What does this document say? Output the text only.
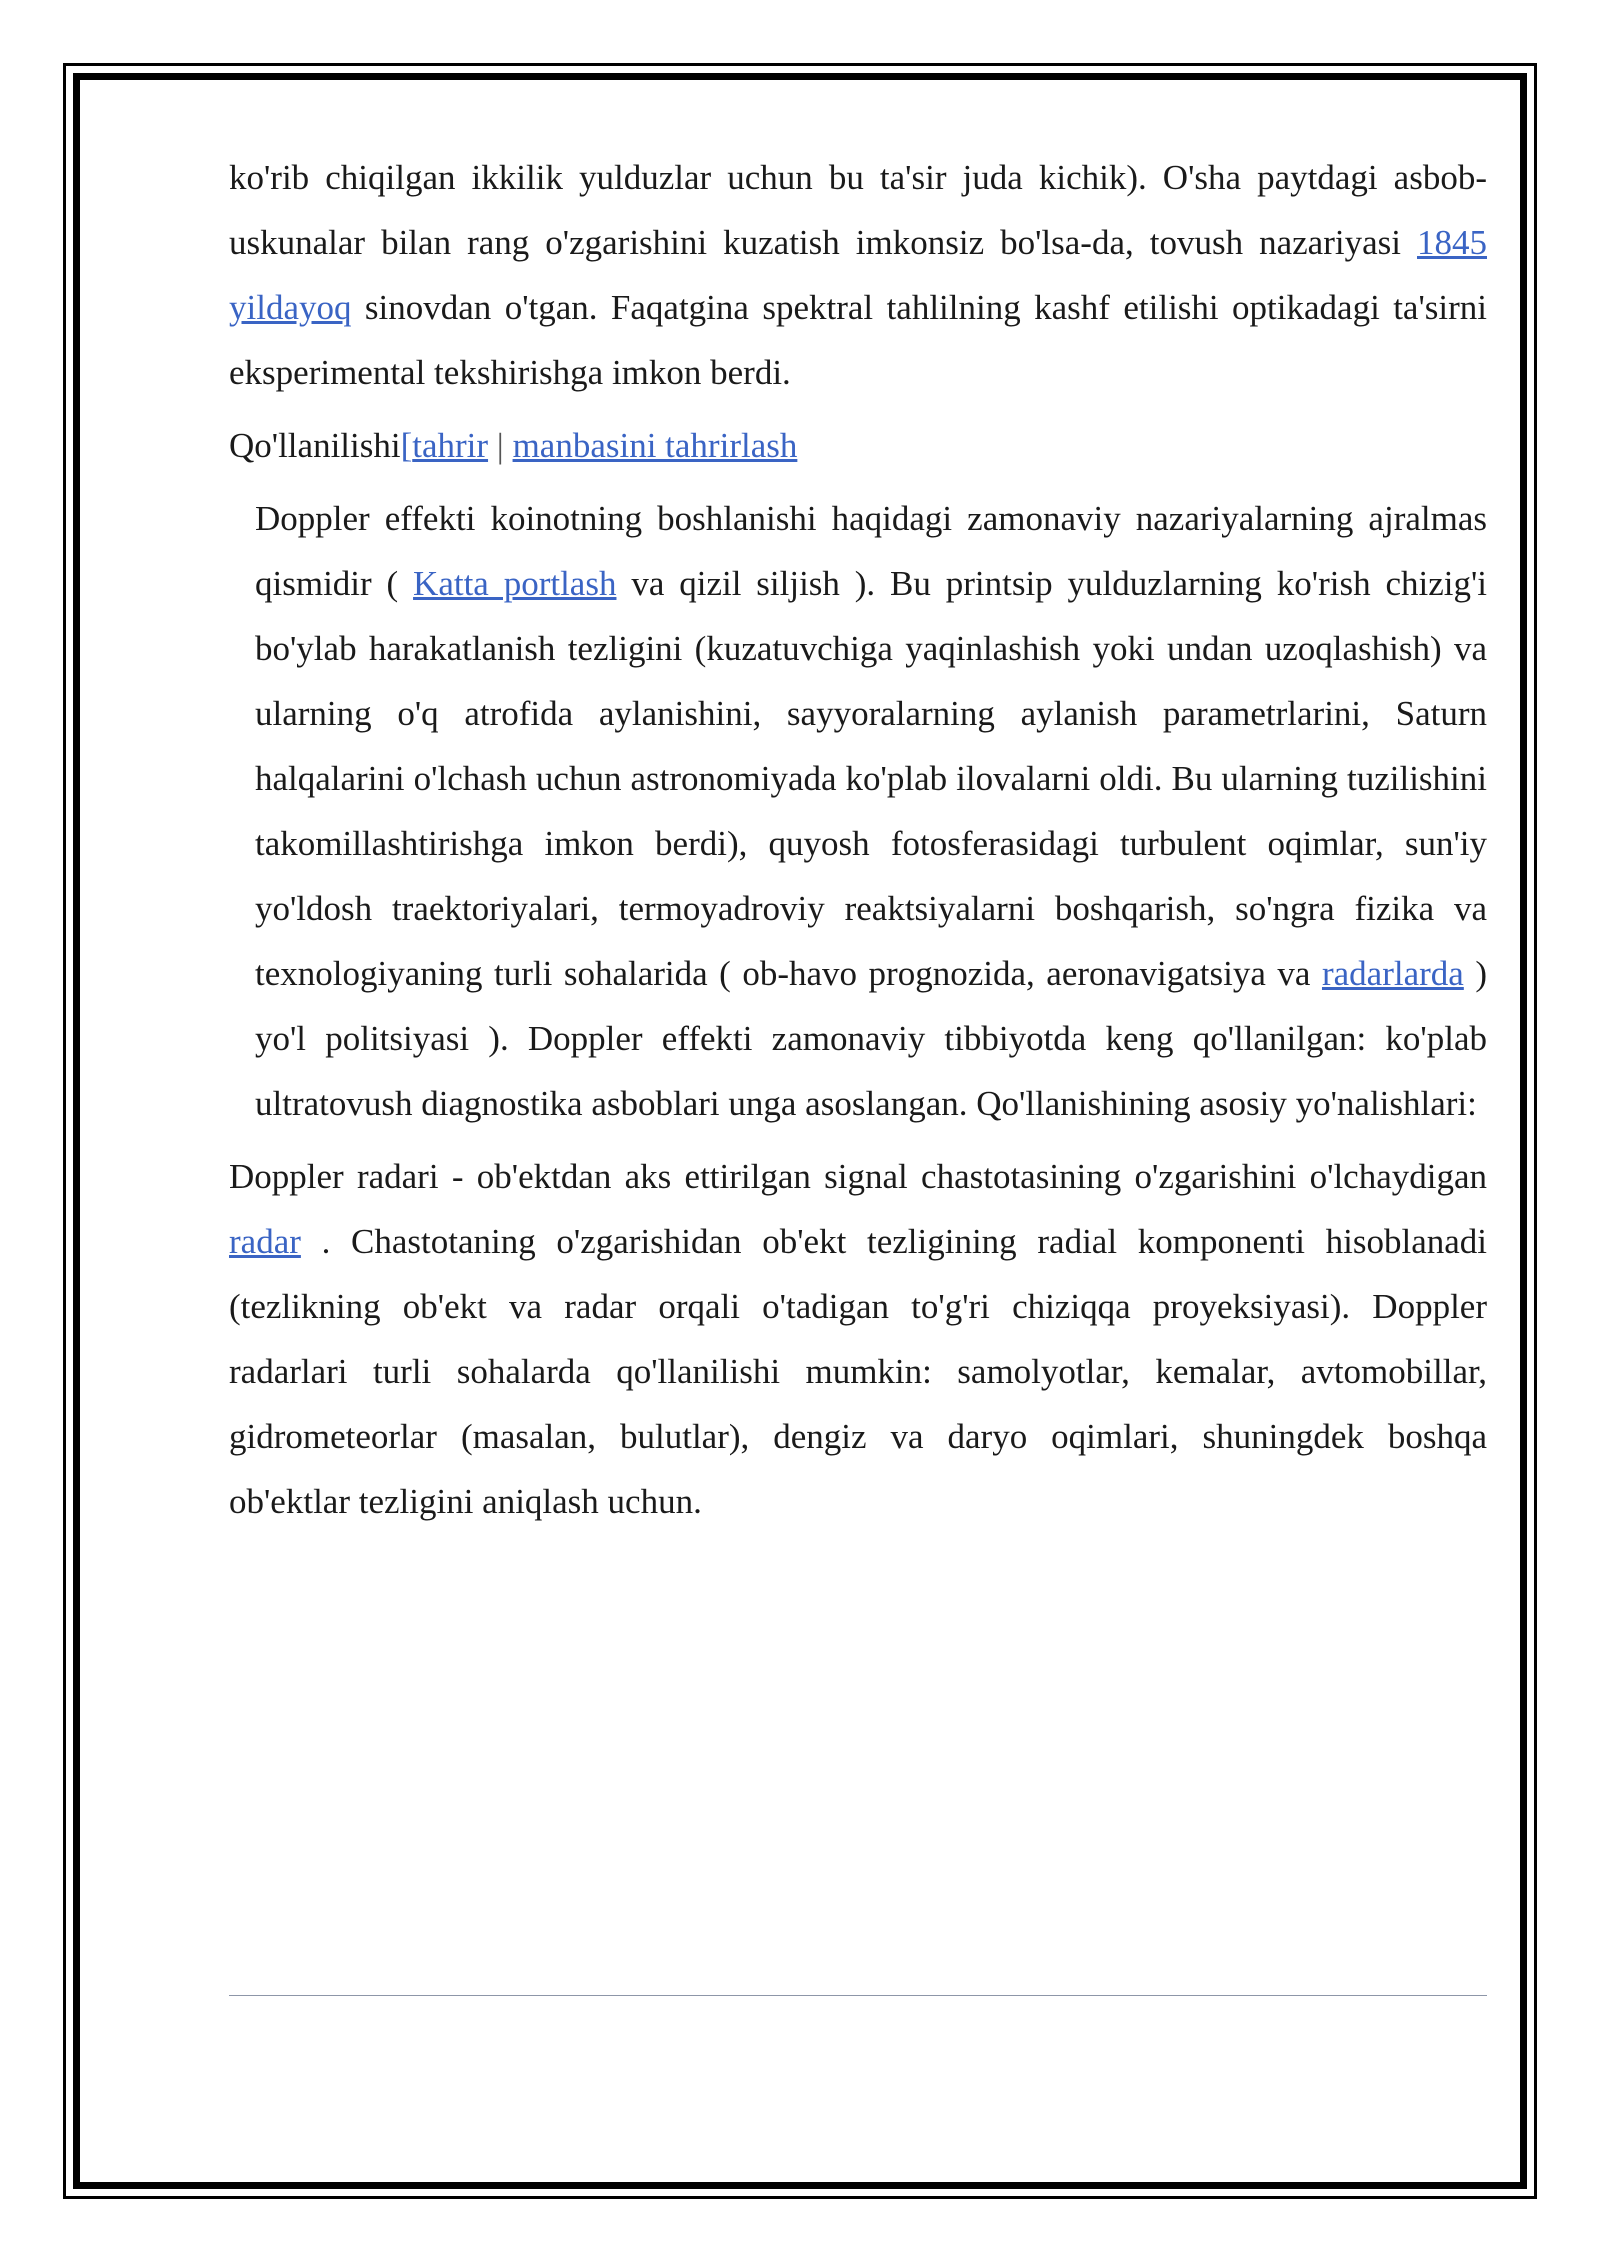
ko'rib chiqilgan ikkilik yulduzlar uchun bu ta'sir juda kichik). O'sha paytdagi asbob-uskunalar bilan rang o'zgarishini kuzatish imkonsiz bo'lsa-da, tovush nazariyasi 1845 yildayoq sinovdan o'tgan. Faqatgina spektral tahlilning kashf etilishi optikadagi ta'sirni eksperimental tekshirishga imkon berdi.

Qo'llanilishi[tahrir | manbasini tahrirlash

Doppler effekti koinotning boshlanishi haqidagi zamonaviy nazariyalarning ajralmas qismidir ( Katta portlash va qizil siljish ). Bu printsip yulduzlarning ko'rish chizig'i bo'ylab harakatlanish tezligini (kuzatuvchiga yaqinlashish yoki undan uzoqlashish) va ularning o'q atrofida aylanishini, sayyoralarning aylanish parametrlarini, Saturn halqalarini o'lchash uchun astronomiyada ko'plab ilovalarni oldi. Bu ularning tuzilishini takomillashtirishga imkon berdi), quyosh fotosferasidagi turbulent oqimlar, sun'iy yo'ldosh traektoriyalari, termoyadroviy reaktsiyalarni boshqarish, so'ngra fizika va texnologiyaning turli sohalarida ( ob-havo prognozida, aeronavigatsiya va radarlarda ) yo'l politsiyasi ). Doppler effekti zamonaviy tibbiyotda keng qo'llanilgan: ko'plab ultratovush diagnostika asboblari unga asoslangan. Qo'llanishining asosiy yo'nalishlari:

Doppler radari - ob'ektdan aks ettirilgan signal chastotasining o'zgarishini o'lchaydigan radar . Chastotaning o'zgarishidan ob'ekt tezligining radial komponenti hisoblanadi (tezlikning ob'ekt va radar orqali o'tadigan to'g'ri chiziqqa proyeksiyasi). Doppler radarlari turli sohalarda qo'llanilishi mumkin: samolyotlar, kemalar, avtomobillar, gidrometeorlar (masalan, bulutlar), dengiz va daryo oqimlari, shuningdek boshqa ob'ektlar tezligini aniqlash uchun.
